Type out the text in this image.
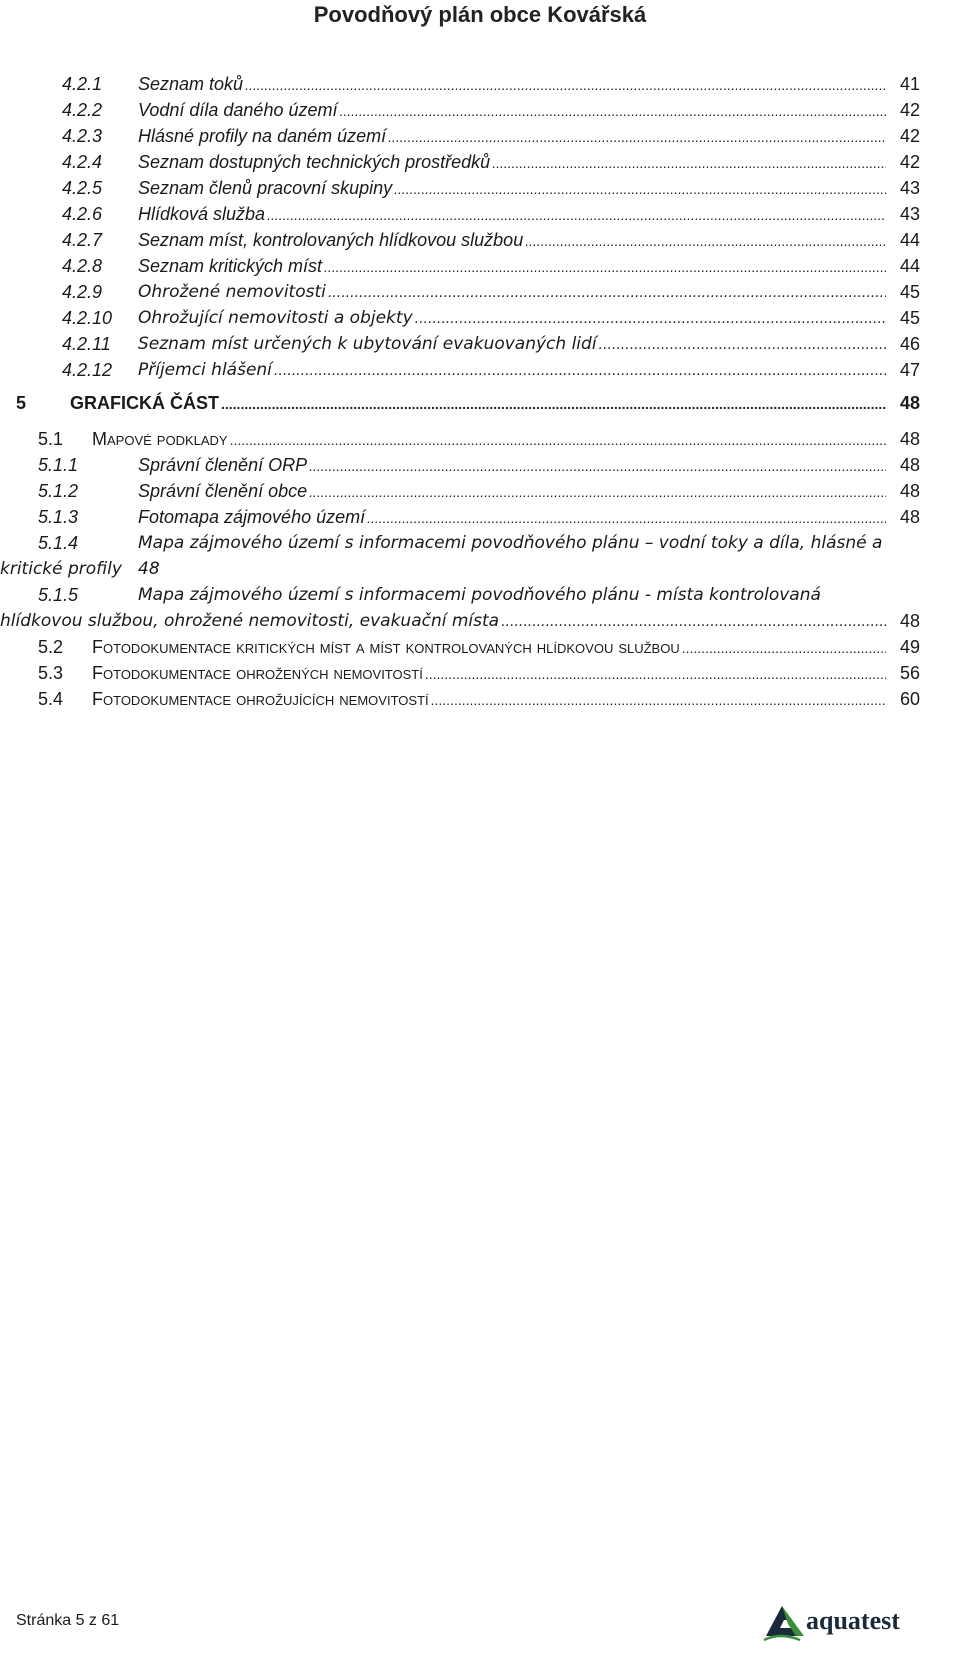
Povodňový plán obce Kovářská
4.2.1 Seznam toků .....	41
4.2.2 Vodní díla daného území .....	42
4.2.3 Hlásné profily na daném území .....	42
4.2.4 Seznam dostupných technických prostředků .....	42
4.2.5 Seznam členů pracovní skupiny .....	43
4.2.6 Hlídková služba .....	43
4.2.7 Seznam míst, kontrolovaných hlídkovou službou .....	44
4.2.8 Seznam kritických míst .....	44
4.2.9 Ohrožené nemovitosti .....	45
4.2.10 Ohrožující nemovitosti a objekty .....	45
4.2.11 Seznam míst určených k ubytování evakuovaných lidí .....	46
4.2.12 Příjemci hlášení .....	47
5 GRAFICKÁ ČÁST .....	48
5.1 Mapové podklady .....	48
5.1.1	Správní členění ORP .....	48
5.1.2	Správní členění obce .....	48
5.1.3	Fotomapa zájmového území .....	48
5.1.4	Mapa zájmového území s informacemi povodňového plánu – vodní toky a díla, hlásné a
kritické profily 48
5.1.5	Mapa zájmového území s informacemi povodňového plánu - místa kontrolovaná
hlídkovou službou, ohrožené nemovitosti, evakuační místa .....	48
5.2 Fotodokumentace kritických míst a míst kontrolovaných hlídkovou službou .....	49
5.3 Fotodokumentace ohrožených nemovitostí .....	56
5.4 Fotodokumentace ohrožujících nemovitostí .....	60
Stránka 5 z 61	aquatest
